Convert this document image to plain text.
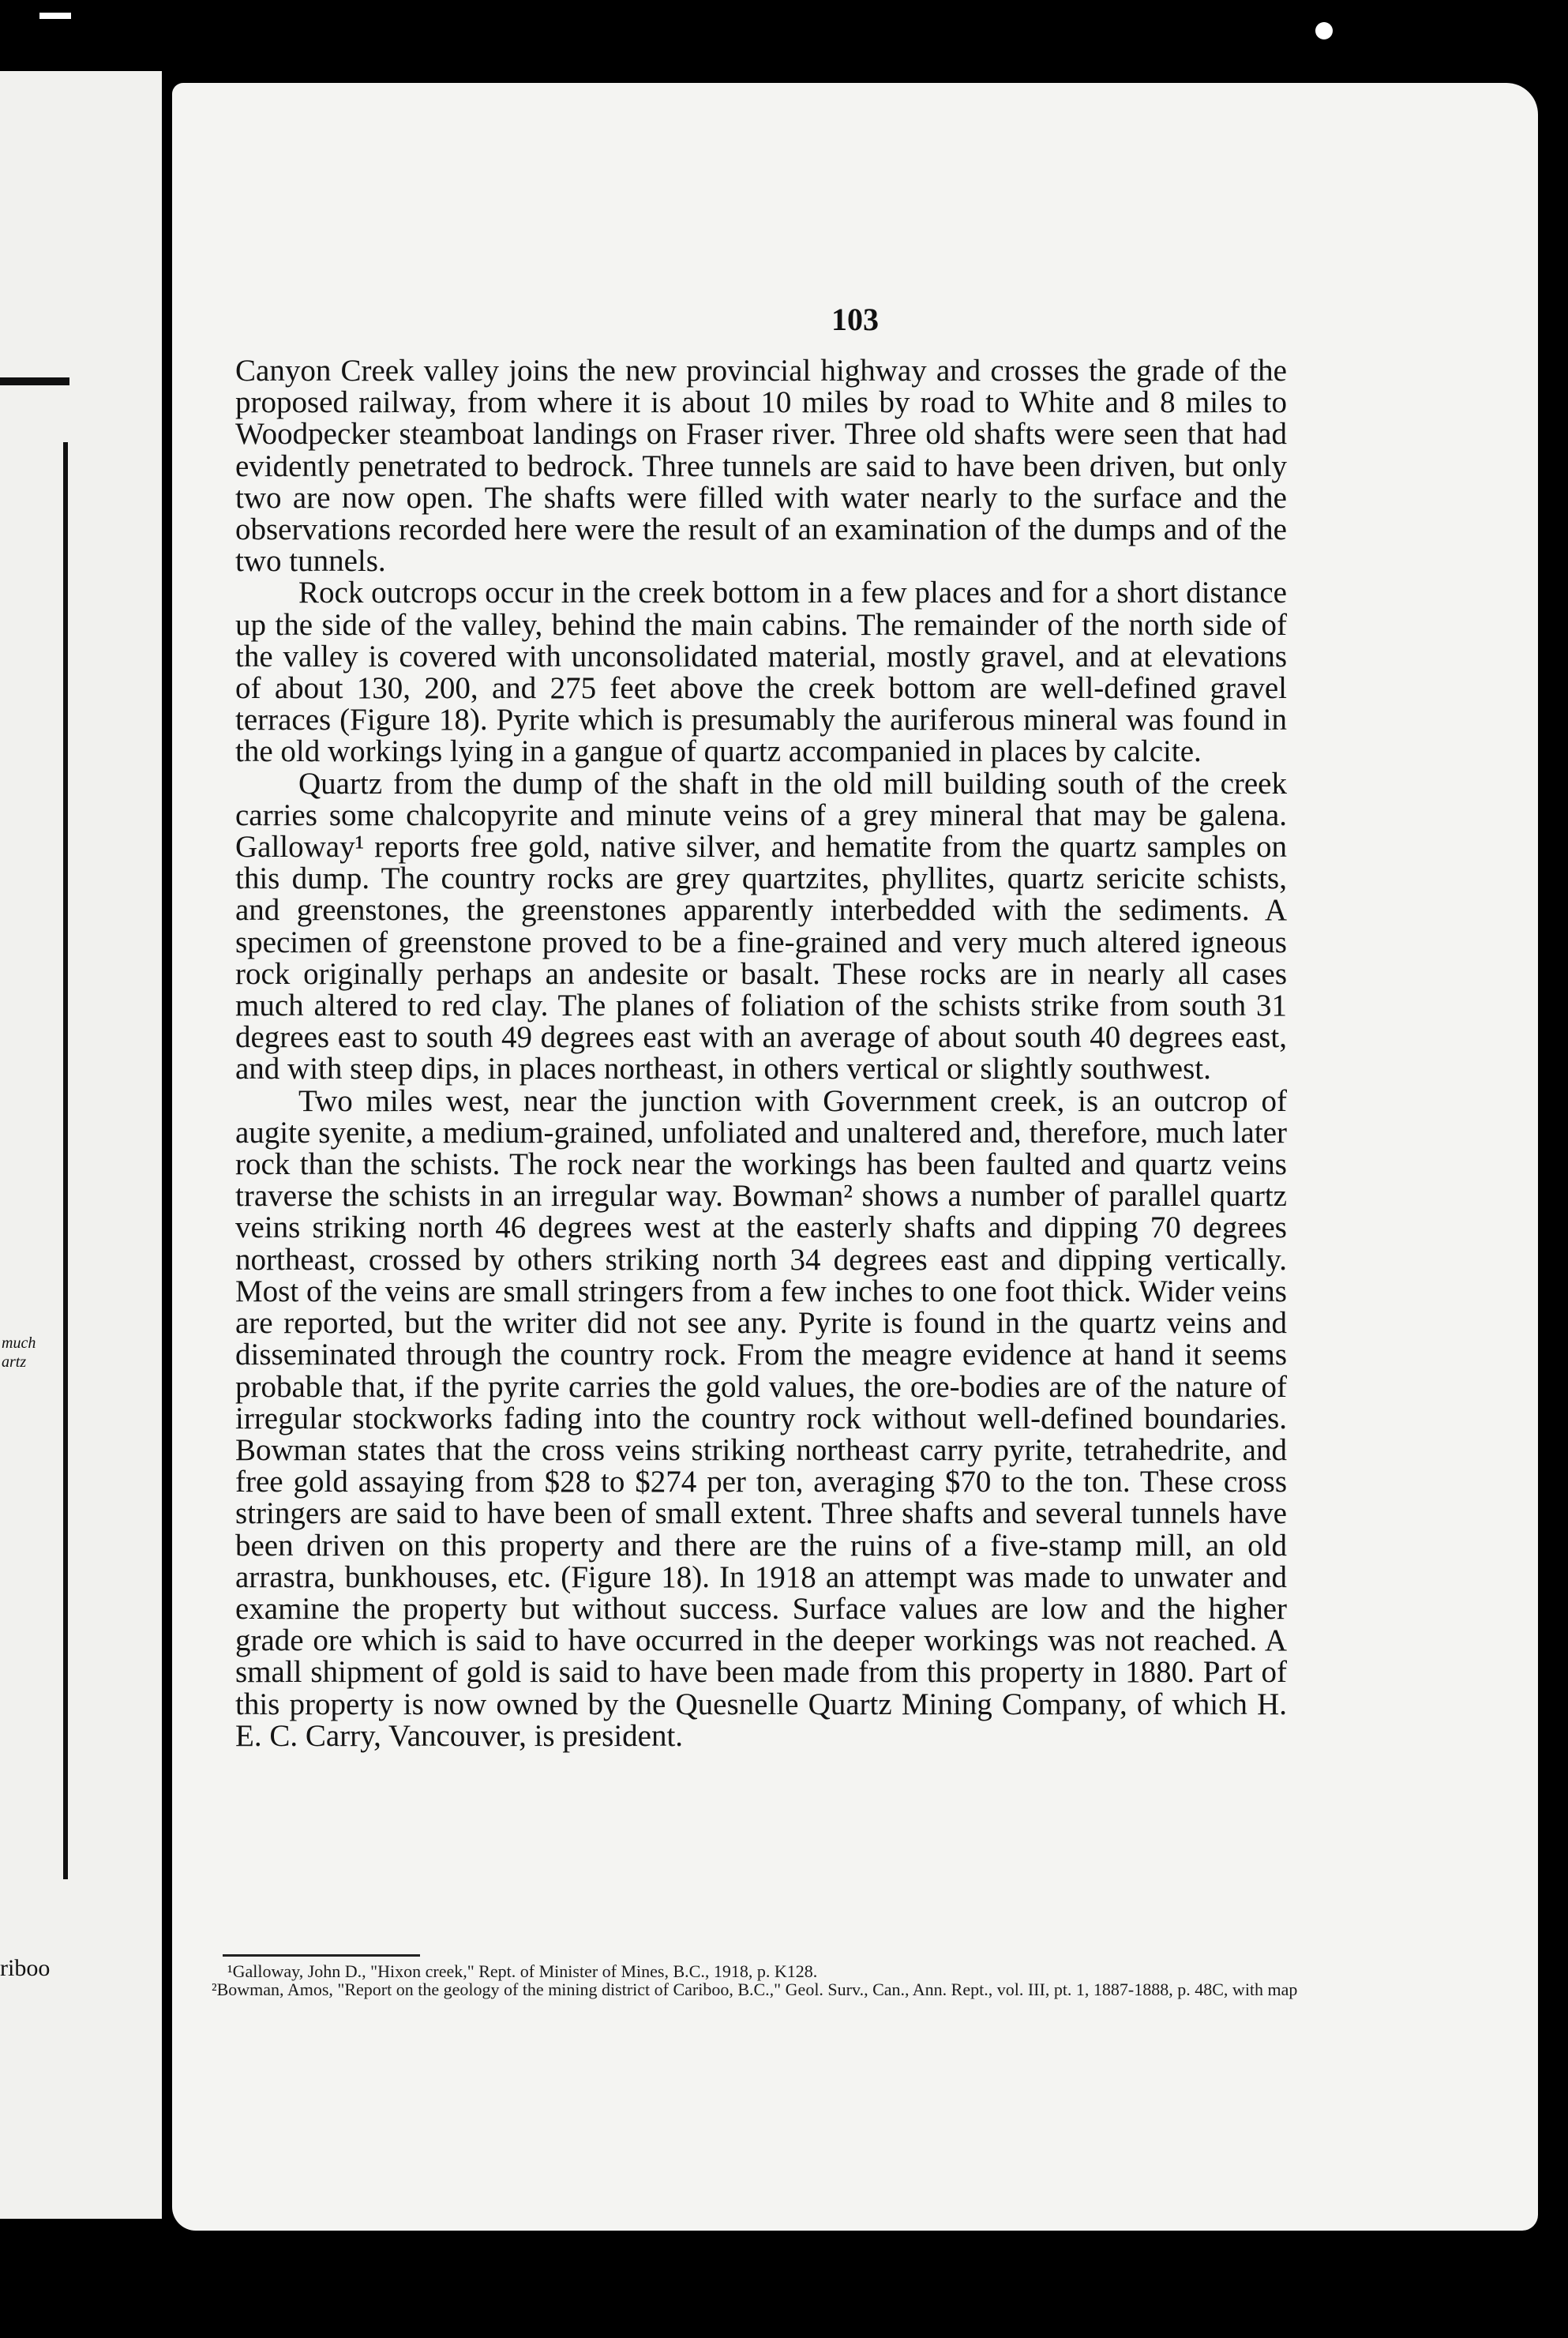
much
artz
riboo
103

Canyon Creek valley joins the new provincial highway and crosses the grade of the proposed railway, from where it is about 10 miles by road to White and 8 miles to Woodpecker steamboat landings on Fraser river. Three old shafts were seen that had evidently penetrated to bedrock. Three tunnels are said to have been driven, but only two are now open. The shafts were filled with water nearly to the surface and the observations recorded here were the result of an examination of the dumps and of the two tunnels.

Rock outcrops occur in the creek bottom in a few places and for a short distance up the side of the valley, behind the main cabins. The remainder of the north side of the valley is covered with unconsolidated material, mostly gravel, and at elevations of about 130, 200, and 275 feet above the creek bottom are well-defined gravel terraces (Figure 18). Pyrite which is presumably the auriferous mineral was found in the old workings lying in a gangue of quartz accompanied in places by calcite.

Quartz from the dump of the shaft in the old mill building south of the creek carries some chalcopyrite and minute veins of a grey mineral that may be galena. Galloway¹ reports free gold, native silver, and hematite from the quartz samples on this dump. The country rocks are grey quartzites, phyllites, quartz sericite schists, and greenstones, the greenstones apparently interbedded with the sediments. A specimen of greenstone proved to be a fine-grained and very much altered igneous rock originally perhaps an andesite or basalt. These rocks are in nearly all cases much altered to red clay. The planes of foliation of the schists strike from south 31 degrees east to south 49 degrees east with an average of about south 40 degrees east, and with steep dips, in places northeast, in others vertical or slightly southwest.

Two miles west, near the junction with Government creek, is an outcrop of augite syenite, a medium-grained, unfoliated and unaltered and, therefore, much later rock than the schists. The rock near the workings has been faulted and quartz veins traverse the schists in an irregular way. Bowman² shows a number of parallel quartz veins striking north 46 degrees west at the easterly shafts and dipping 70 degrees northeast, crossed by others striking north 34 degrees east and dipping vertically. Most of the veins are small stringers from a few inches to one foot thick. Wider veins are reported, but the writer did not see any. Pyrite is found in the quartz veins and disseminated through the country rock. From the meagre evidence at hand it seems probable that, if the pyrite carries the gold values, the ore-bodies are of the nature of irregular stockworks fading into the country rock without well-defined boundaries. Bowman states that the cross veins striking northeast carry pyrite, tetrahedrite, and free gold assaying from $28 to $274 per ton, averaging $70 to the ton. These cross stringers are said to have been of small extent. Three shafts and several tunnels have been driven on this property and there are the ruins of a five-stamp mill, an old arrastra, bunkhouses, etc. (Figure 18). In 1918 an attempt was made to unwater and examine the property but without success. Surface values are low and the higher grade ore which is said to have occurred in the deeper workings was not reached. A small shipment of gold is said to have been made from this property in 1880. Part of this property is now owned by the Quesnelle Quartz Mining Company, of which H. E. C. Carry, Vancouver, is president.

¹Galloway, John D., "Hixon creek," Rept. of Minister of Mines, B.C., 1918, p. K128.

²Bowman, Amos, "Report on the geology of the mining district of Cariboo, B.C.," Geol. Surv., Can., Ann. Rept., vol. III, pt. 1, 1887-1888, p. 48C, with map
